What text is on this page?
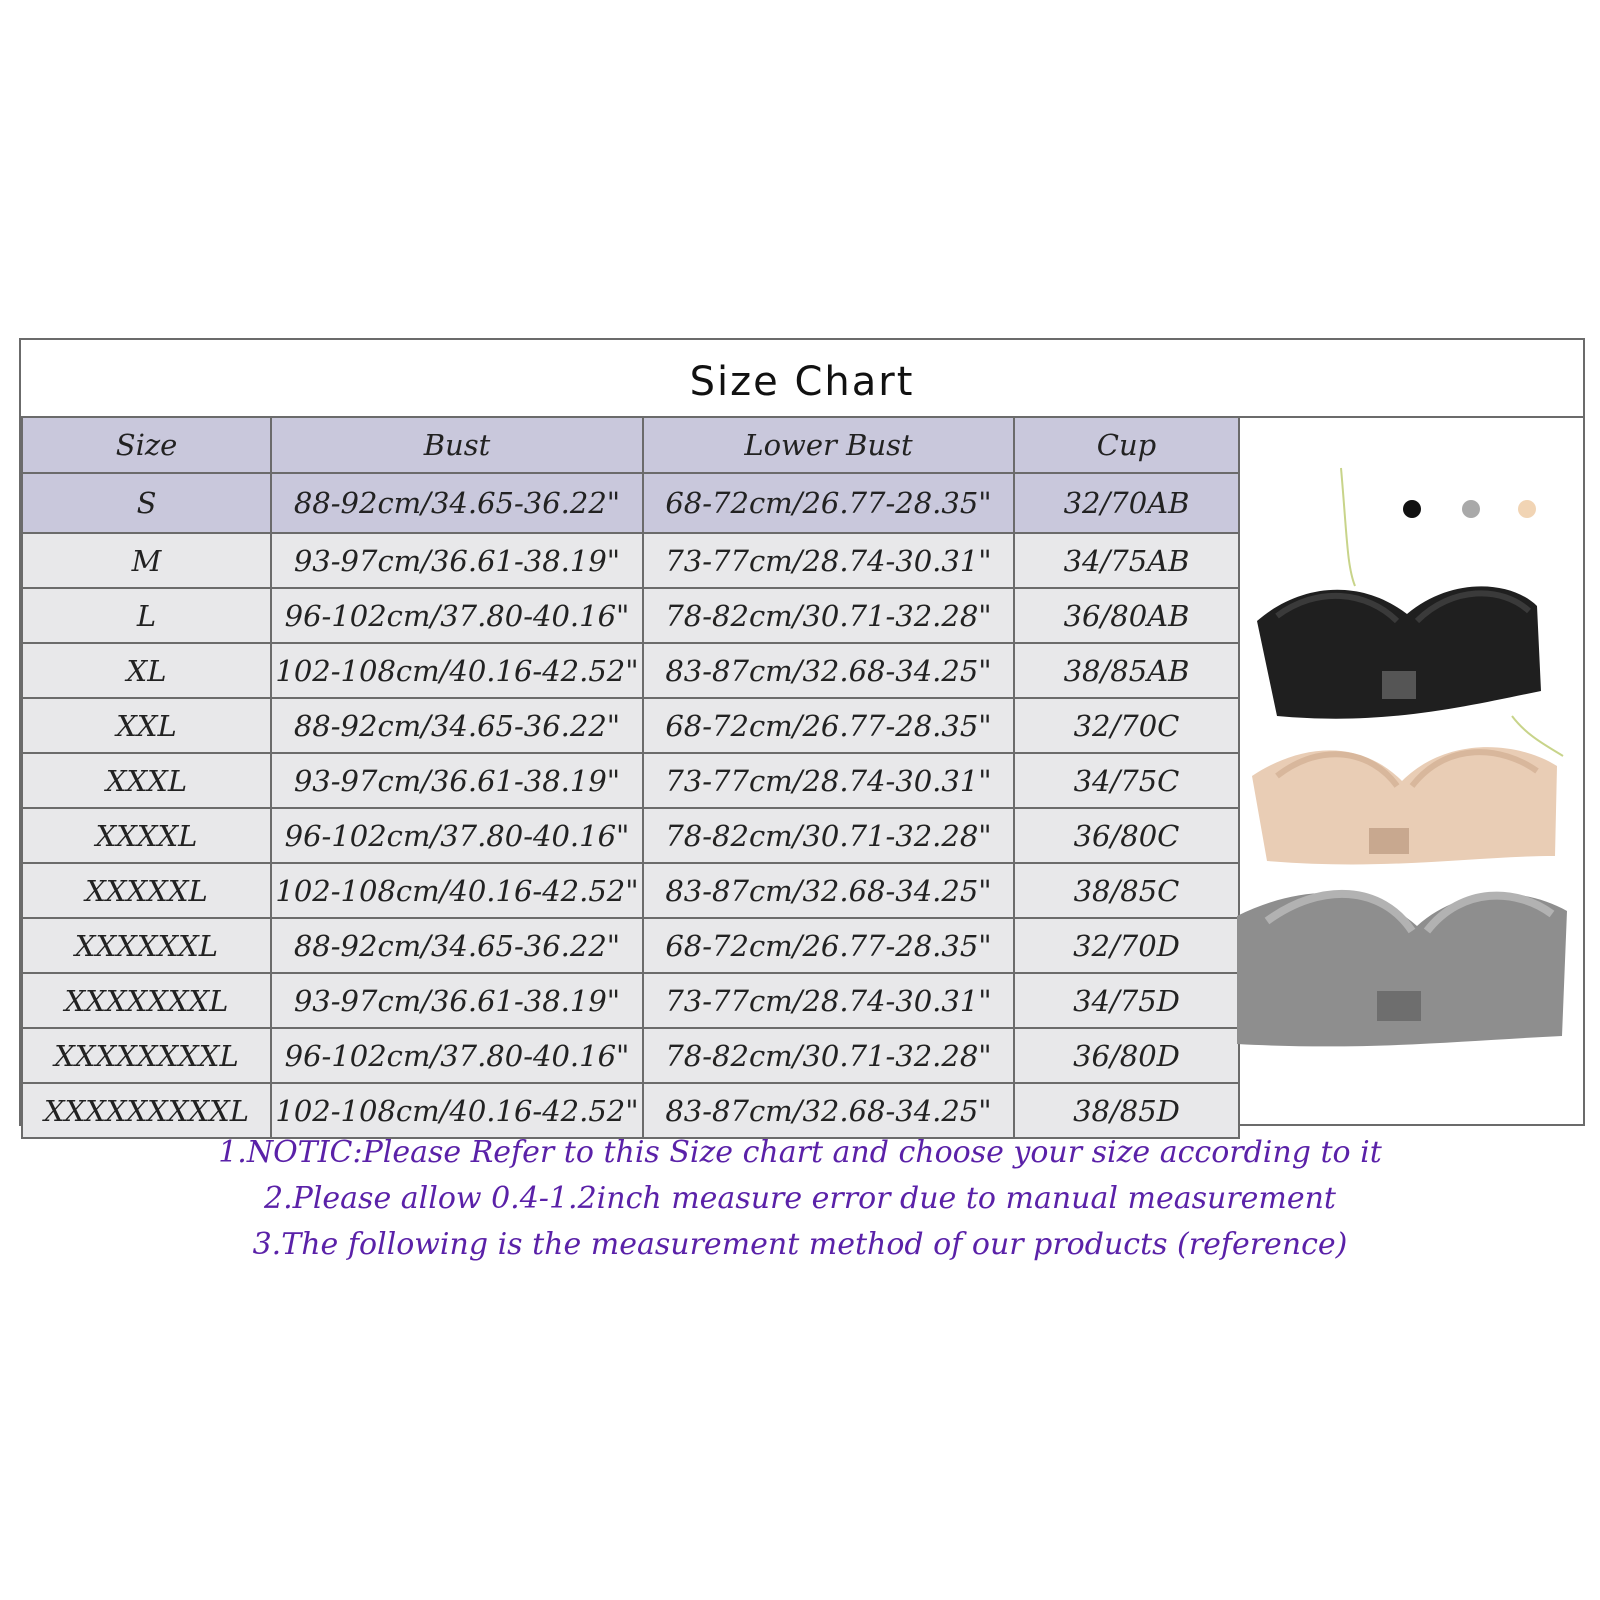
Size Chart
Size	Bust	Lower Bust	Cup
S	88-92cm/34.65-36.22"	68-72cm/26.77-28.35"	32/70AB
M	93-97cm/36.61-38.19"	73-77cm/28.74-30.31"	34/75AB
L	96-102cm/37.80-40.16"	78-82cm/30.71-32.28"	36/80AB
XL	102-108cm/40.16-42.52"	83-87cm/32.68-34.25"	38/85AB
XXL	88-92cm/34.65-36.22"	68-72cm/26.77-28.35"	32/70C
XXXL	93-97cm/36.61-38.19"	73-77cm/28.74-30.31"	34/75C
XXXXL	96-102cm/37.80-40.16"	78-82cm/30.71-32.28"	36/80C
XXXXXL	102-108cm/40.16-42.52"	83-87cm/32.68-34.25"	38/85C
XXXXXXL	88-92cm/34.65-36.22"	68-72cm/26.77-28.35"	32/70D
XXXXXXXL	93-97cm/36.61-38.19"	73-77cm/28.74-30.31"	34/75D
XXXXXXXXL	96-102cm/37.80-40.16"	78-82cm/30.71-32.28"	36/80D
XXXXXXXXXL	102-108cm/40.16-42.52"	83-87cm/32.68-34.25"	38/85D
1.NOTIC:Please Refer to this Size chart and choose your size according to it
2.Please allow 0.4-1.2inch measure error due to manual measurement
3.The following is the measurement method of our products (reference)
